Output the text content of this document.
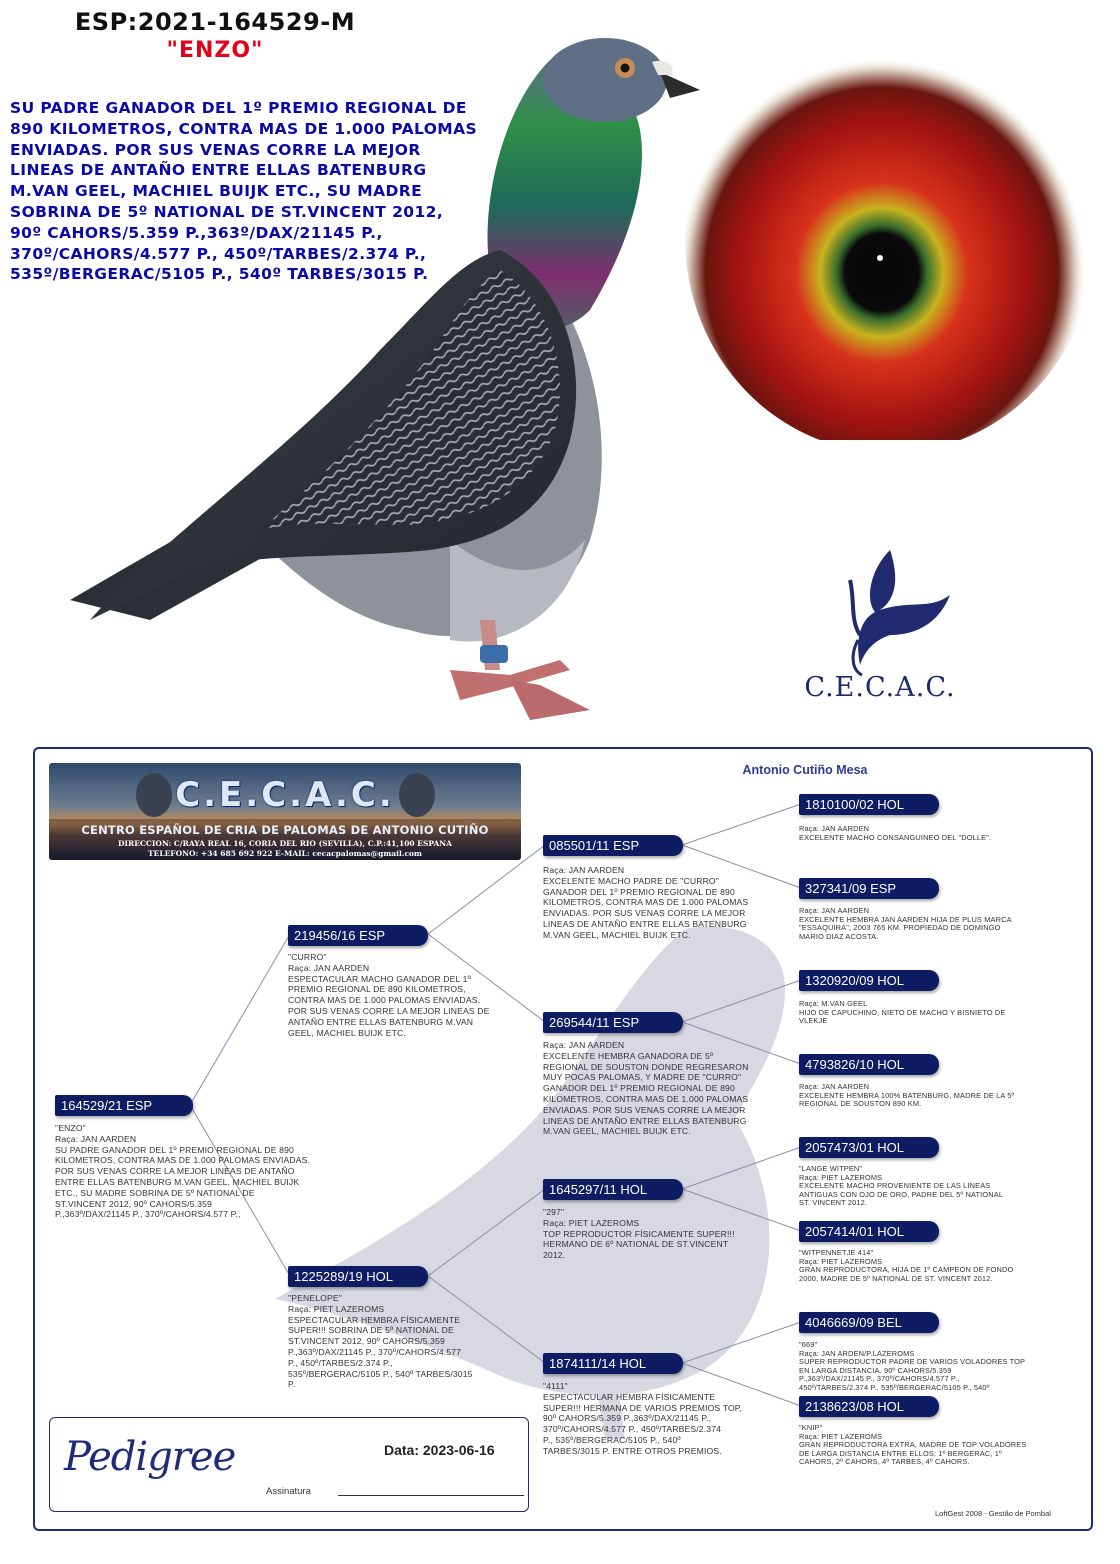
ESP:2021-164529-M
"ENZO"
SU PADRE GANADOR DEL 1º PREMIO REGIONAL DE 890 KILOMETROS, CONTRA MAS DE 1.000 PALOMAS ENVIADAS. POR SUS VENAS CORRE LA MEJOR LINEAS DE ANTAÑO ENTRE ELLAS BATENBURG M.VAN GEEL, MACHIEL BUIJK ETC., SU MADRE SOBRINA DE 5º NATIONAL DE ST.VINCENT 2012, 90º CAHORS/5.359 P.,363º/DAX/21145 P., 370º/CAHORS/4.577 P., 450º/TARBES/2.374 P., 535º/BERGERAC/5105 P., 540º TARBES/3015 P.
C.E.C.A.C.
C.E.C.A.C.
CENTRO ESPAÑOL DE CRIA DE PALOMAS DE ANTONIO CUTIÑO
DIRECCION: C/RAYA REAL 16, CORIA DEL RIO (SEVILLA), C.P.:41,100 ESPANA
TELEFONO: +34 685 692 922 E-MAIL: cecacpalomas@gmail.com
Antonio Cutiño Mesa
164529/21 ESP
"ENZO"
Raça: JAN AARDEN
SU PADRE GANADOR DEL 1º PREMIO REGIONAL DE 890
KILOMETROS, CONTRA MAS DE 1.000 PALOMAS ENVIADAS.
POR SUS VENAS CORRE LA MEJOR LINEAS DE ANTAÑO
ENTRE ELLAS BATENBURG M.VAN GEEL, MACHIEL BUIJK
ETC., SU MADRE SOBRINA DE 5º NATIONAL DE
ST.VINCENT 2012, 90º CAHORS/5.359
P.,363º/DAX/21145 P., 370º/CAHORS/4.577 P.,
219456/16 ESP
"CURRO"
Raça: JAN AARDEN
ESPECTACULAR MACHO GANADOR DEL 1º
PREMIO REGIONAL DE 890 KILOMETROS,
CONTRA MAS DE 1.000 PALOMAS ENVIADAS.
POR SUS VENAS CORRE LA MEJOR LINEAS DE
ANTAÑO ENTRE ELLAS BATENBURG M.VAN
GEEL, MACHIEL BUIJK ETC.
1225289/19 HOL
"PENELOPE"
Raça: PIET LAZEROMS
ESPECTACULAR HEMBRA FÍSICAMENTE
SUPER!!! SOBRINA DE 5º NATIONAL DE
ST.VINCENT 2012, 90º CAHORS/5.359
P.,363º/DAX/21145 P., 370º/CAHORS/4.577
P., 450º/TARBES/2.374 P.,
535º/BERGERAC/5105 P., 540º TARBES/3015
P.
085501/11 ESP
Raça: JAN AARDEN
EXCELENTE MACHO PADRE DE "CURRO"
GANADOR DEL 1º PREMIO REGIONAL DE 890
KILOMETROS, CONTRA MAS DE 1.000 PALOMAS
ENVIADAS. POR SUS VENAS CORRE LA MEJOR
LINEAS DE ANTAÑO ENTRE ELLAS BATENBURG
M.VAN GEEL, MACHIEL BUIJK ETC.
269544/11 ESP
Raça: JAN AARDEN
EXCELENTE HEMBRA GANADORA DE 5º
REGIONAL DE SOUSTON DONDE REGRESARON
MUY POCAS PALOMAS, Y MADRE DE "CURRO"
GANADOR DEL 1º PREMIO REGIONAL DE 890
KILOMETROS, CONTRA MAS DE 1.000 PALOMAS
ENVIADAS. POR SUS VENAS CORRE LA MEJOR
LINEAS DE ANTAÑO ENTRE ELLAS BATENBURG
M.VAN GEEL, MACHIEL BUIJK ETC.
1645297/11 HOL
"297"
Raça: PIET LAZEROMS
TOP REPRODUCTOR FÍSICAMENTE SUPER!!!
HERMANO DE 6º NATIONAL DE ST.VINCENT
2012.
1874111/14 HOL
"4111"
ESPECTACULAR HEMBRA FÍSICAMENTE
SUPER!!! HERMANA DE VARIOS PREMIOS TOP,
90º CAHORS/5.359 P.,363º/DAX/21145 P.,
370º/CAHORS/4.577 P., 450º/TARBES/2.374
P., 535º/BERGERAC/5105 P., 540º
TARBES/3015 P. ENTRE OTROS PREMIOS.
1810100/02 HOL
Raça: JAN AARDEN
EXCELENTE MACHO CONSANGUINEO DEL "DOLLE".
327341/09 ESP
Raça: JAN AARDEN
EXCELENTE HEMBRA JAN AARDEN HIJA DE PLUS MARCA
"ESSAQUIRA", 2003 765 KM. PROPIEDAD DE DOMINGO
MARIO DIAZ ACOSTA.
1320920/09 HOL
Raça: M.VAN GEEL
HIJO DE CAPUCHINO, NIETO DE MACHO Y BISNIETO DE
VLEKJE
4793826/10 HOL
Raça: JAN AARDEN
EXCELENTE HEMBRA 100% BATENBURG, MADRE DE LA 5º
REGIONAL DE SOUSTON 890 KM.
2057473/01 HOL
"LANGE WITPEN"
Raça: PIET LAZEROMS
EXCELENTE MACHO PROVENIENTE DE LAS LINEAS
ANTIGUAS CON OJO DE ORO, PADRE DEL 5º NATIONAL
ST. VINCENT 2012.
2057414/01 HOL
"WITPENNETJE 414"
Raça: PIET LAZEROMS
GRAN REPRODUCTORA, HIJA DE 1º CAMPEON DE FONDO
2000, MADRE DE 5º NATIONAL DE ST. VINCENT 2012.
4046669/09 BEL
"669"
Raça: JAN ARDEN/P.LAZEROMS
SUPER REPRODUCTOR PADRE DE VARIOS VOLADORES TOP
EN LARGA DISTANCIA. 90º CAHORS/5.359
P.,363º/DAX/21145 P., 370º/CAHORS/4.577 P.,
450º/TARBES/2.374 P., 535º/BERGERAC/5105 P., 540º
2138623/08 HOL
"KNIP"
Raça: PIET LAZEROMS
GRAN REPRODUCTORA EXTRA, MADRE DE TOP VOLADORES
DE LARGA DISTANCIA ENTRE ELLOS: 1º BERGERAC, 1º
CAHORS, 2º CAHORS, 4º TARBES, 4º CAHORS.
Pedigree	Data: 2023-06-16
Assinatura
LoftGest 2008 - Gestão de Pombal
